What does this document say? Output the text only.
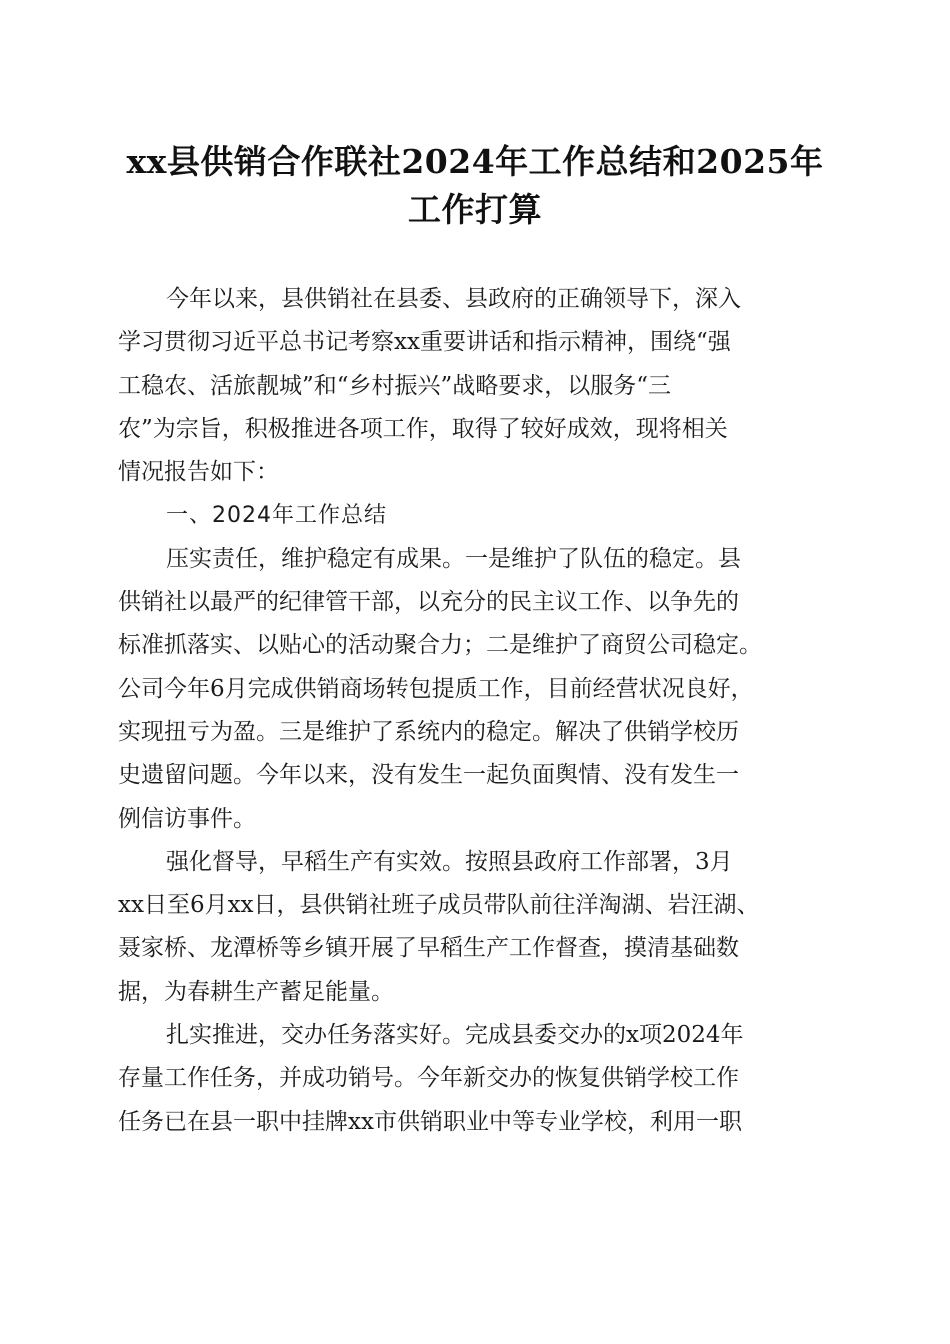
xx县供销合作联社2024年工作总结和2025年
工作打算
今年以来，县供销社在县委、县政府的正确领导下，深入
学习贯彻习近平总书记考察xx重要讲话和指示精神，围绕“强
工稳农、活旅靓城”和“乡村振兴”战略要求，以服务“三
农”为宗旨，积极推进各项工作，取得了较好成效，现将相关
情况报告如下：
一、2024年工作总结
压实责任，维护稳定有成果。一是维护了队伍的稳定。县
供销社以最严的纪律管干部，以充分的民主议工作、以争先的
标准抓落实、以贴心的活动聚合力；二是维护了商贸公司稳定。
公司今年6月完成供销商场转包提质工作，目前经营状况良好，
实现扭亏为盈。三是维护了系统内的稳定。解决了供销学校历
史遗留问题。今年以来，没有发生一起负面舆情、没有发生一
例信访事件。
强化督导，早稻生产有实效。按照县政府工作部署，3月
xx日至6月xx日，县供销社班子成员带队前往洋淘湖、岩汪湖、
聂家桥、龙潭桥等乡镇开展了早稻生产工作督查，摸清基础数
据，为春耕生产蓄足能量。
扎实推进，交办任务落实好。完成县委交办的x项2024年
存量工作任务，并成功销号。今年新交办的恢复供销学校工作
任务已在县一职中挂牌xx市供销职业中等专业学校，利用一职
